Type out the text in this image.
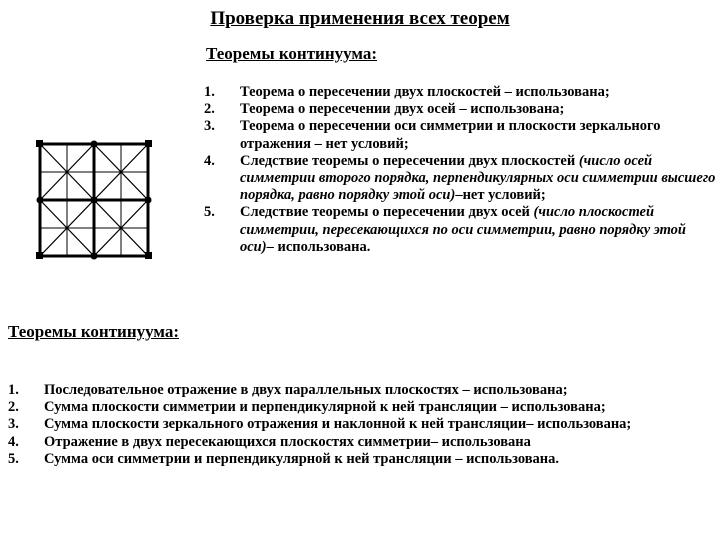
Проверка применения всех теорем
Теоремы континуума:
1.	Теорема о пересечении двух плоскостей – использована;
2.	Теорема о пересечении двух осей – использована;
3.	Теорема о пересечении оси симметрии и плоскости зеркального отражения – нет условий;
4.	Следствие теоремы о пересечении двух плоскостей (число осей симметрии второго порядка, перпендикулярных оси симметрии высшего порядка, равно порядку этой оси)–нет условий;
5.	Следствие теоремы о пересечении двух осей (число плоскостей симметрии, пересекающихся по оси симметрии, равно порядку этой оси)– использована.
Теоремы континуума:
1.	Последовательное отражение в двух параллельных плоскостях – использована;
2.	Сумма плоскости симметрии и перпендикулярной к ней трансляции – использована;
3.	Сумма плоскости зеркального отражения и наклонной к ней трансляции– использована;
4.	Отражение в двух пересекающихся плоскостях симметрии– использована
5.	Сумма оси симметрии и перпендикулярной к ней трансляции – использована.
